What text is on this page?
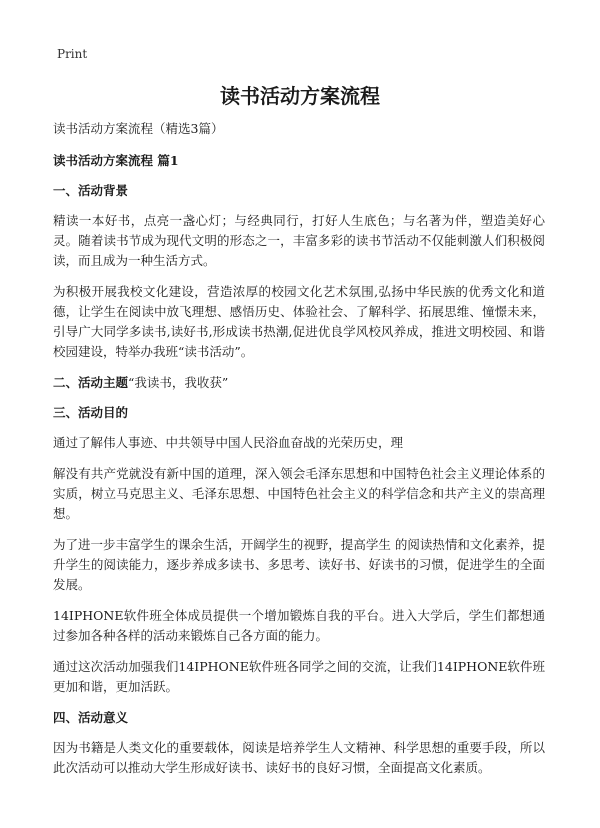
Print
读书活动方案流程

读书活动方案流程（精选3篇）

读书活动方案流程 篇1

一、活动背景

精读一本好书，点亮一盏心灯；与经典同行，打好人生底色；与名著为伴，塑造美好心灵。随着读书节成为现代文明的形态之一，丰富多彩的读书节活动不仅能刺激人们积极阅读，而且成为一种生活方式。

为积极开展我校文化建设，营造浓厚的校园文化艺术氛围,弘扬中华民族的优秀文化和道德，让学生在阅读中放飞理想、感悟历史、体验社会、了解科学、拓展思维、憧憬未来，引导广大同学多读书,读好书,形成读书热潮,促进优良学风校风养成，推进文明校园、和谐校园建设，特举办我班“读书活动”。

二、活动主题“我读书，我收获”

三、活动目的

通过了解伟人事迹、中共领导中国人民浴血奋战的光荣历史，理

解没有共产党就没有新中国的道理，深入领会毛泽东思想和中国特色社会主义理论体系的实质，树立马克思主义、毛泽东思想、中国特色社会主义的科学信念和共产主义的崇高理想。

为了进一步丰富学生的课余生活，开阔学生的视野，提高学生 的阅读热情和文化素养，提升学生的阅读能力，逐步养成多读书、多思考、读好书、好读书的习惯，促进学生的全面发展。

14IPHONE软件班全体成员提供一个增加锻炼自我的平台。进入大学后，学生们都想通过参加各种各样的活动来锻炼自己各方面的能力。

通过这次活动加强我们14IPHONE软件班各同学之间的交流，让我们14IPHONE软件班更加和谐，更加活跃。

四、活动意义

因为书籍是人类文化的重要载体，阅读是培养学生人文精神、科学思想的重要手段，所以此次活动可以推动大学生形成好读书、读好书的良好习惯，全面提高文化素质。
